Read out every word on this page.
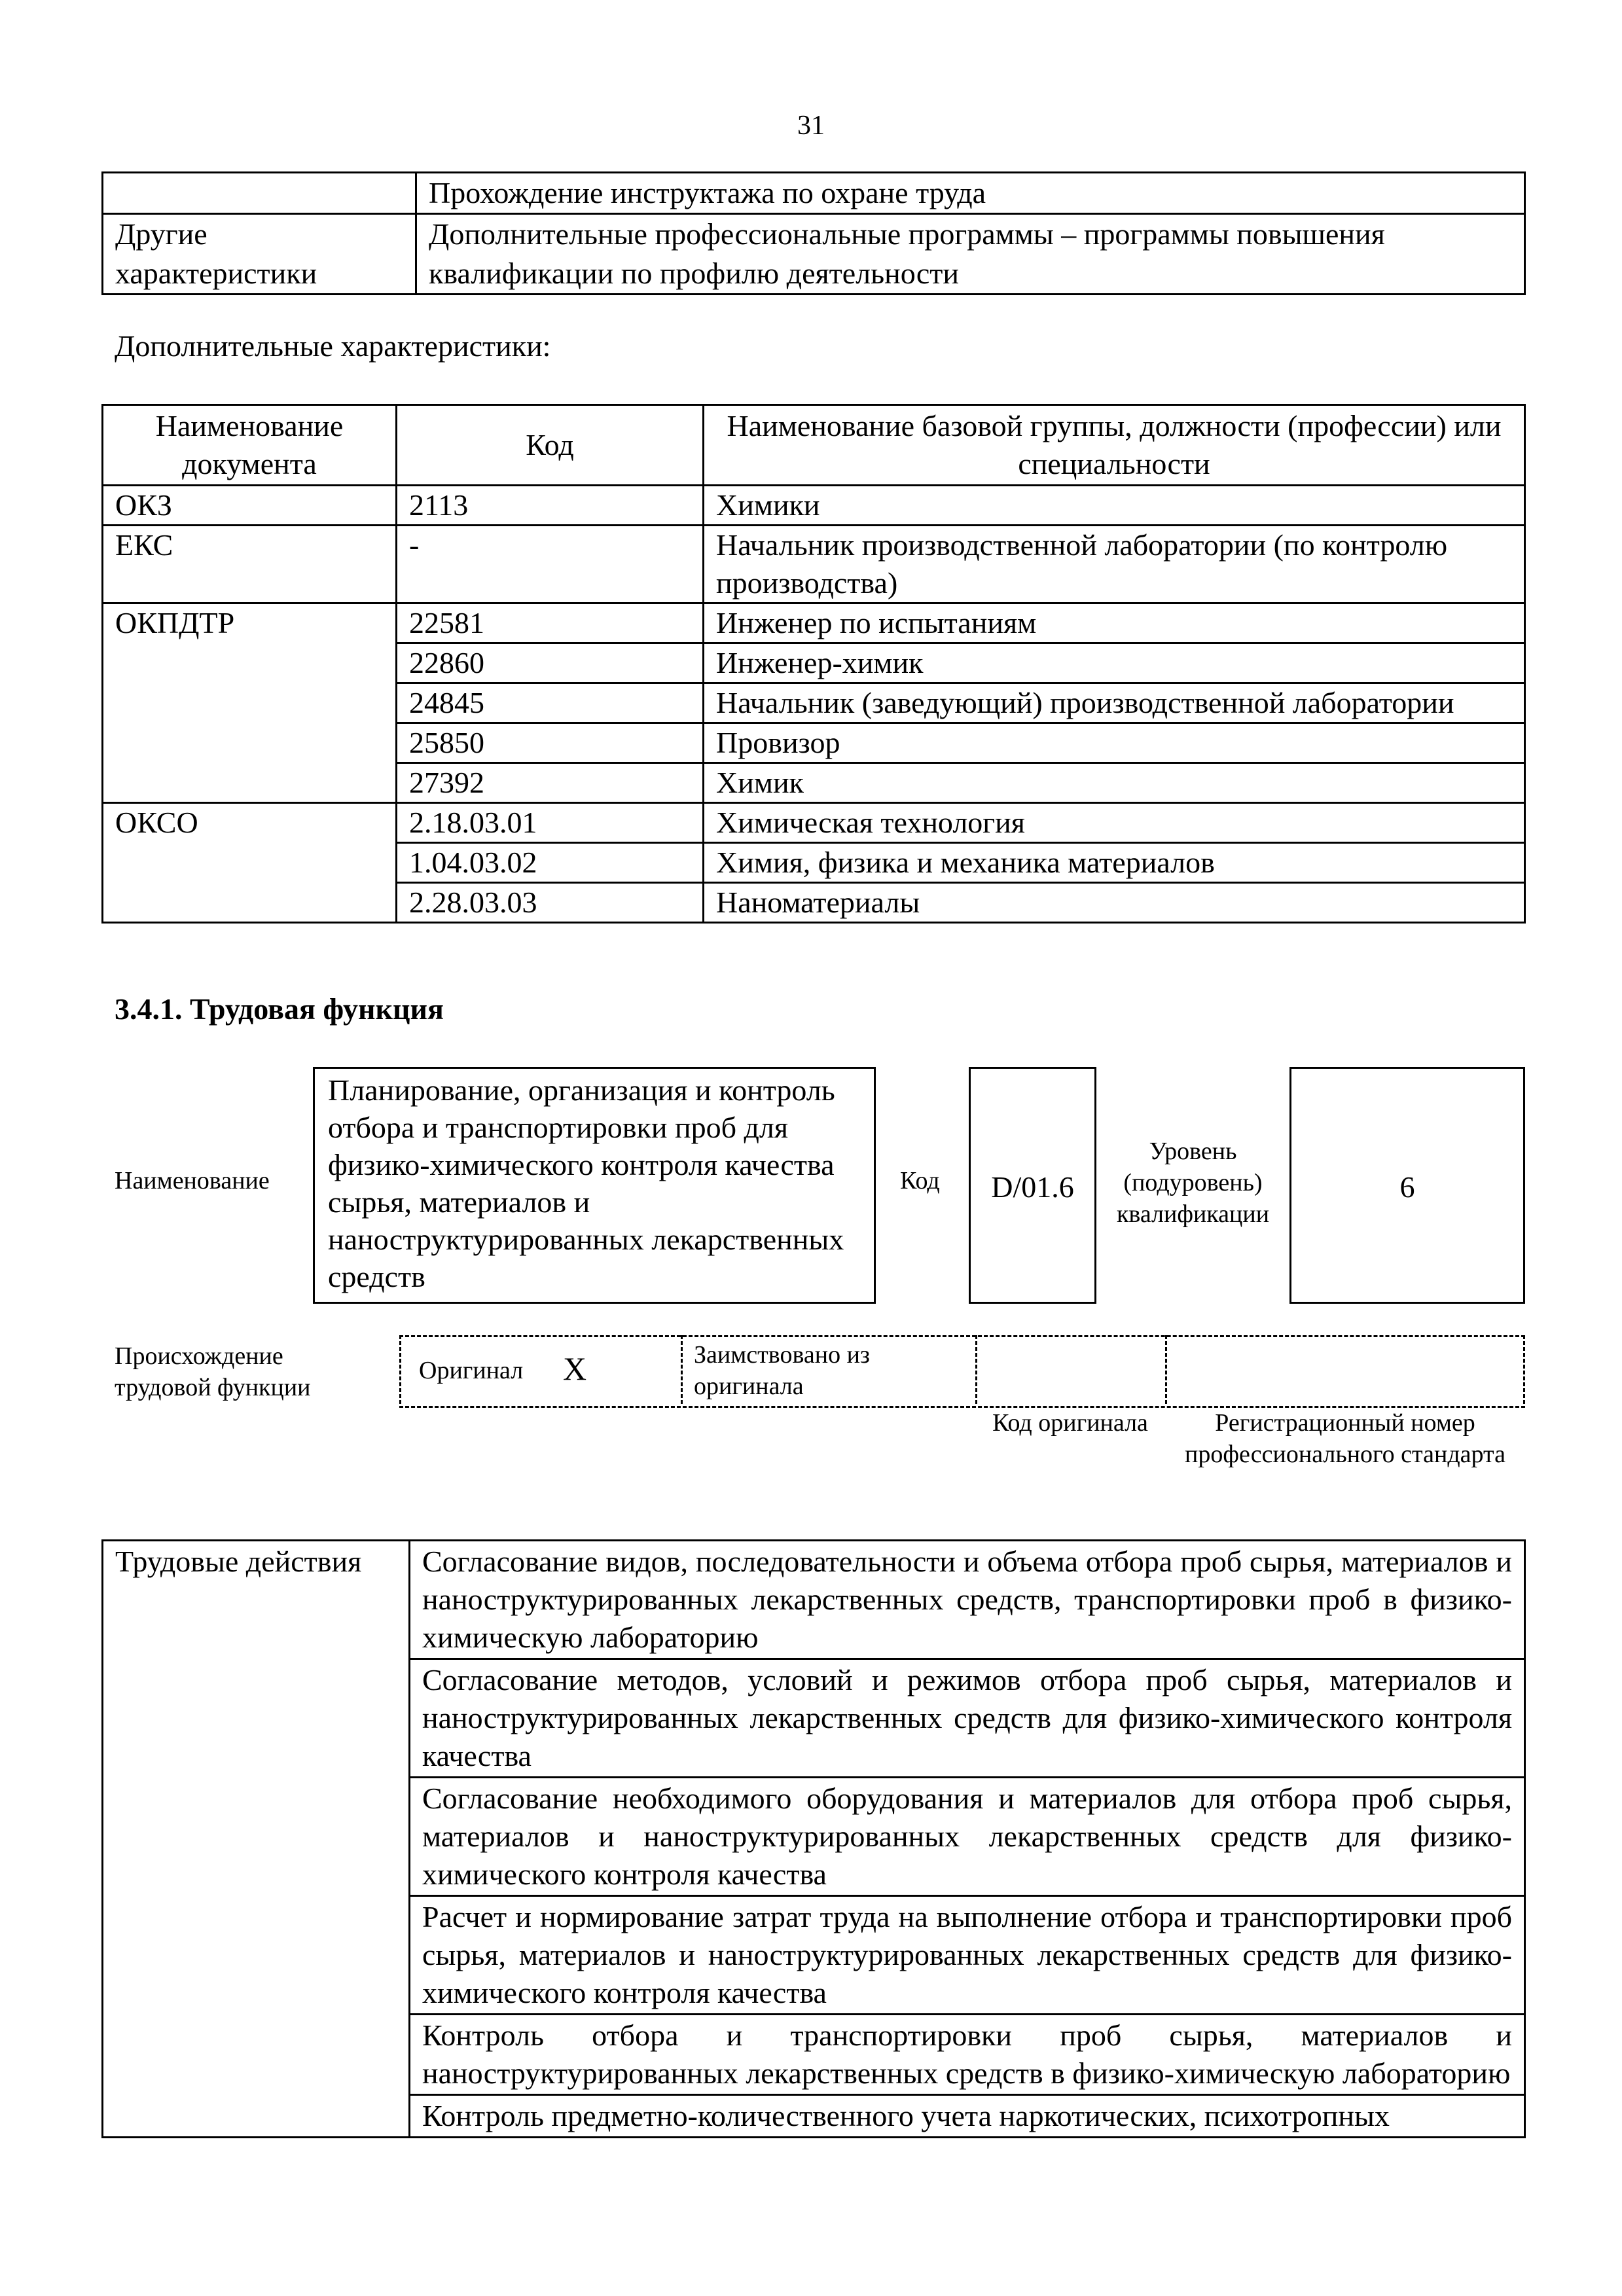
31
	Прохождение инструктажа по охране труда
Другие характеристики	Дополнительные профессиональные программы – программы повышения квалификации по профилю деятельности
Дополнительные характеристики:
Наименование документа	Код	Наименование базовой группы, должности (профессии) или специальности
ОКЗ	2113	Химики
ЕКС	-	Начальник производственной лаборатории (по контролю производства)
ОКПДТР	22581	Инженер по испытаниям
	22860	Инженер-химик
	24845	Начальник (заведующий) производственной лаборатории
	25850	Провизор
	27392	Химик
ОКСО	2.18.03.01	Химическая технология
	1.04.03.02	Химия, физика и механика материалов
	2.28.03.03	Наноматериалы
3.4.1. Трудовая функция
Наименование
Планирование, организация и контроль отбора и транспортировки проб для физико-химического контроля качества сырья, материалов и наноструктурированных лекарственных средств
Код	D/01.6
Уровень (подуровень) квалификации
6
Происхождение трудовой функции
Оригинал X	Заимствовано из оригинала
Код оригинала	Регистрационный номер профессионального стандарта
Трудовые действия	Согласование видов, последовательности и объема отбора проб сырья, материалов и наноструктурированных лекарственных средств, транспортировки проб в физико-химическую лабораторию
Согласование методов, условий и режимов отбора проб сырья, материалов и наноструктурированных лекарственных средств для физико-химического контроля качества
Согласование необходимого оборудования и материалов для отбора проб сырья, материалов и наноструктурированных лекарственных средств для физико-химического контроля качества
Расчет и нормирование затрат труда на выполнение отбора и транспортировки проб сырья, материалов и наноструктурированных лекарственных средств для физико-химического контроля качества
Контроль отбора и транспортировки проб сырья, материалов и наноструктурированных лекарственных средств в физико-химическую лабораторию
Контроль предметно-количественного учета наркотических, психотропных
